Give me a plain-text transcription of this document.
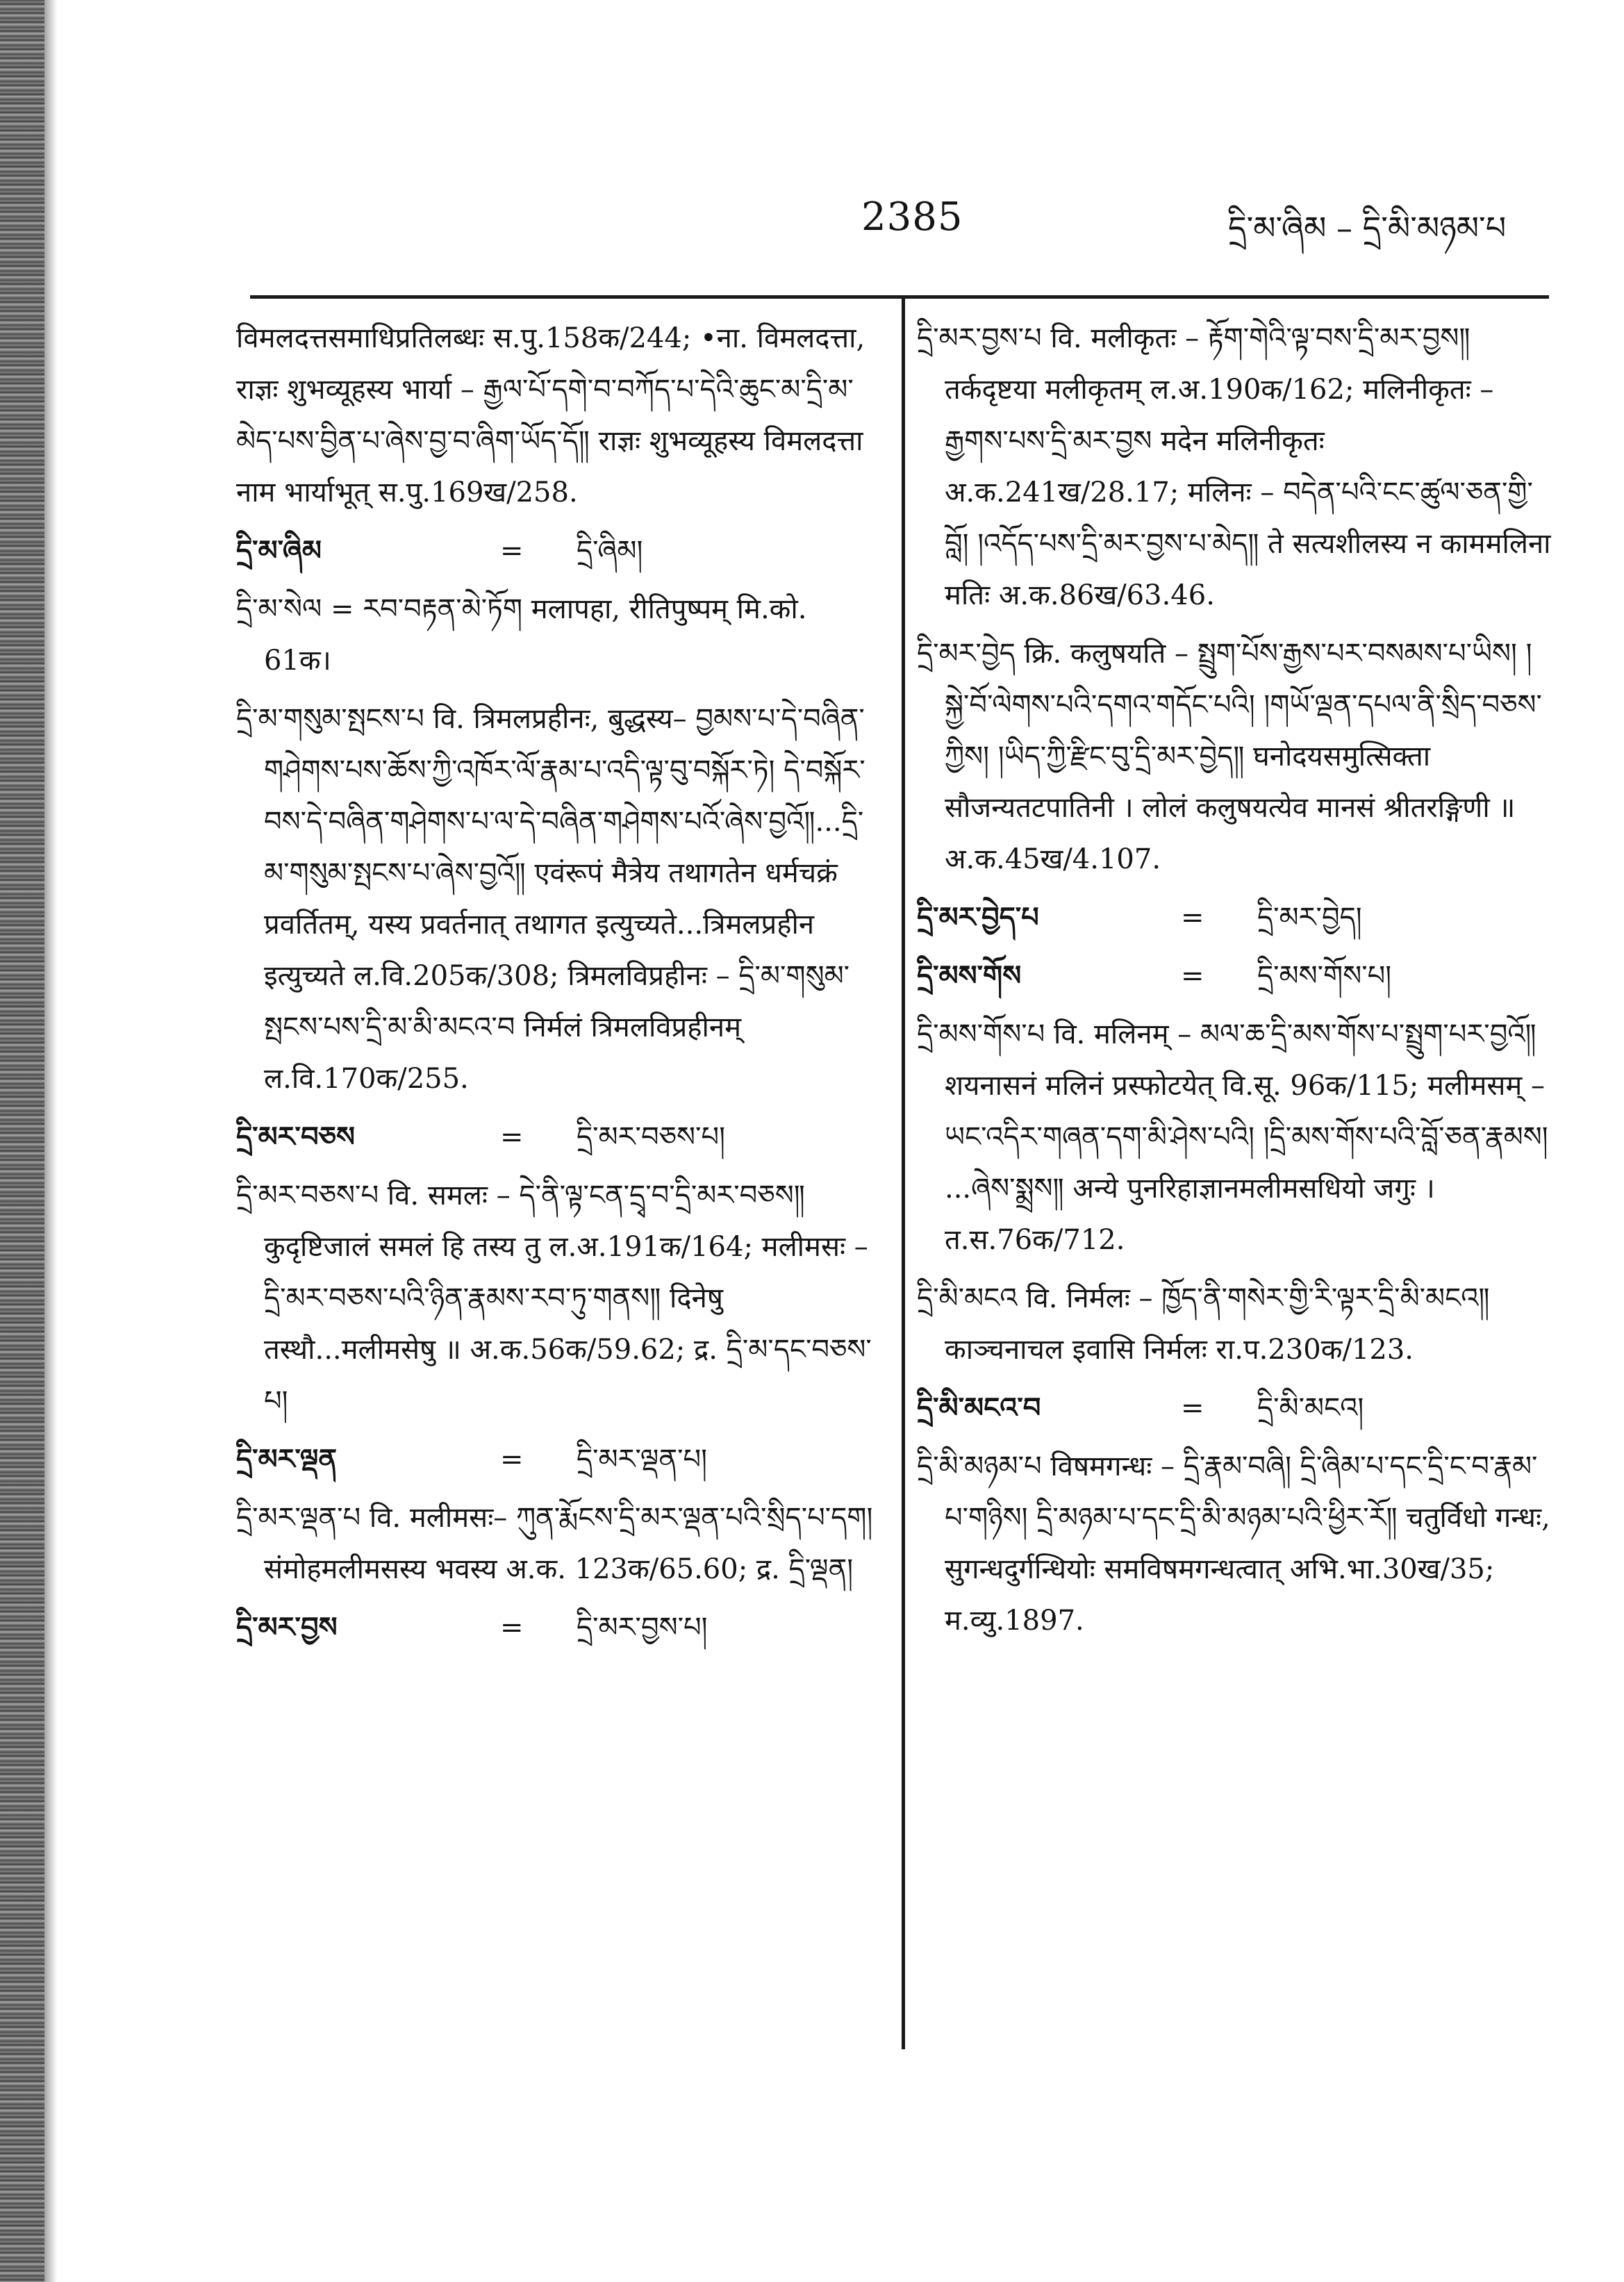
2385	དྲི་མ་ཞིམ – དྲི་མི་མཉམ་པ
विमलदत्तसमाधिप्रतिलब्धः स.पु.158क/244; •ना. विमलदत्ता, राज्ञः शुभव्यूहस्य भार्या – རྒྱལ་པོ་དགེ་བ་བཀོད་པ་དེའི་ཆུང་མ་དྲི་མ་མེད་པས་བྱིན་པ་ཞེས་བྱ་བ་ཞིག་ཡོད་དོ༎ राज्ञः शुभव्यूहस्य विमलदत्ता नाम भार्याभूत् स.पु.169ख/258.
དྲི་མ་ཞིམ	=	དྲི་ཞིམ།
དྲི་མ་སེལ = རབ་བརྟན་མེ་ཏོག मलापहा, रीतिपुष्पम् मि.को. 61क।
དྲི་མ་གསུམ་སྤངས་པ वि. त्रिमलप्रहीनः, बुद्धस्य– བྱམས་པ་དེ་བཞིན་གཤེགས་པས་ཆོས་ཀྱི་འཁོར་ལོ་རྣམ་པ་འདི་ལྟ་བུ་བསྐོར་ཏེ། དེ་བསྐོར་བས་དེ་བཞིན་གཤེགས་པ་ལ་དེ་བཞིན་གཤེགས་པའོ་ཞེས་བྱའོ༎...དྲི་མ་གསུམ་སྤངས་པ་ཞེས་བྱའོ༎ एवंरूपं मैत्रेय तथागतेन धर्मचक्रं प्रवर्तितम्, यस्य प्रवर्तनात् तथागत इत्युच्यते...त्रिमलप्रहीन इत्युच्यते ल.वि.205क/308; त्रिमलविप्रहीनः – དྲི་མ་གསུམ་སྤངས་པས་དྲི་མ་མི་མངའ་བ निर्मलं त्रिमलविप्रहीनम् ल.वि.170क/255.
དྲི་མར་བཅས	=	དྲི་མར་བཅས་པ།
དྲི་མར་བཅས་པ वि. समलः – དེ་ནི་ལྟ་ངན་དྲྭ་བ་དྲི་མར་བཅས༎ कुदृष्टिजालं समलं हि तस्य तु ल.अ.191क/164; मलीमसः – དྲི་མར་བཅས་པའི་ཉིན་རྣམས་རབ་ཏུ་གནས༎ दिनेषु तस्थौ...मलीमसेषु ॥ अ.क.56क/59.62; द्र. དྲི་མ་དང་བཅས་པ།
དྲི་མར་ལྡན	=	དྲི་མར་ལྡན་པ།
དྲི་མར་ལྡན་པ वि. मलीमसः– ཀུན་རྨོངས་དྲི་མར་ལྡན་པའི་སྲིད་པ་དག། संमोहमलीमसस्य भवस्य अ.क. 123क/65.60; द्र. དྲི་ལྡན།
དྲི་མར་བྱས	=	དྲི་མར་བྱས་པ།
དྲི་མར་བྱས་པ वि. मलीकृतः – རྟོག་གེའི་ལྟ་བས་དྲི་མར་བྱས༎ तर्कदृष्टया मलीकृतम् ल.अ.190क/162; मलिनीकृतः – རྒྱགས་པས་དྲི་མར་བྱས मदेन मलिनीकृतः अ.क.241ख/28.17; मलिनः – བདེན་པའི་ངང་ཚུལ་ཅན་གྱི་བློ། །འདོད་པས་དྲི་མར་བྱས་པ་མེད༎ ते सत्यशीलस्य न काममलिना मतिः अ.क.86ख/63.46.
དྲི་མར་བྱེད क्रि. कलुषयति – སྤྲུག་པོས་རྒྱས་པར་བསམས་པ་ཡིས། །སྐྱེ་བོ་ལེགས་པའི་དགའ་གདོང་པའི། །གཡོ་ལྡན་དཔལ་ནི་སྲིད་བཅས་ཀྱིས། །ཡིད་ཀྱི་རྫིང་བུ་དྲི་མར་བྱེད༎ घनोदयसमुत्सिक्ता सौजन्यतटपातिनी । लोलं कलुषयत्येव मानसं श्रीतरङ्गिणी ॥ अ.क.45ख/4.107.
དྲི་མར་བྱེད་པ	=	དྲི་མར་བྱེད།
དྲི་མས་གོས	=	དྲི་མས་གོས་པ།
དྲི་མས་གོས་པ वि. मलिनम् – མལ་ཆ་དྲི་མས་གོས་པ་སྤྲུག་པར་བྱའོ༎ शयनासनं मलिनं प्रस्फोटयेत् वि.सू. 96क/115; मलीमसम् – ཡང་འདིར་གཞན་དག་མི་ཤེས་པའི། །དྲི་མས་གོས་པའི་བློ་ཅན་རྣམས། ...ཞེས་སྨྲས༎ अन्ये पुनरिहाज्ञानमलीमसधियो जगुः । त.स.76क/712.
དྲི་མི་མངའ वि. निर्मलः – ཁྱོད་ནི་གསེར་གྱི་རི་ལྟར་དྲི་མི་མངའ༎ काञ्चनाचल इवासि निर्मलः रा.प.230क/123.
དྲི་མི་མངའ་བ	=	དྲི་མི་མངའ།
དྲི་མི་མཉམ་པ विषमगन्धः – དྲི་རྣམ་བཞི། དྲི་ཞིམ་པ་དང་དྲི་ང་བ་རྣམ་པ་གཉིས། དྲི་མཉམ་པ་དང་དྲི་མི་མཉམ་པའི་ཕྱིར་རོ༎ चतुर्विधो गन्धः, सुगन्धदुर्गन्धियोः समविषमगन्धत्वात् अभि.भा.30ख/35; म.व्यु.1897.
